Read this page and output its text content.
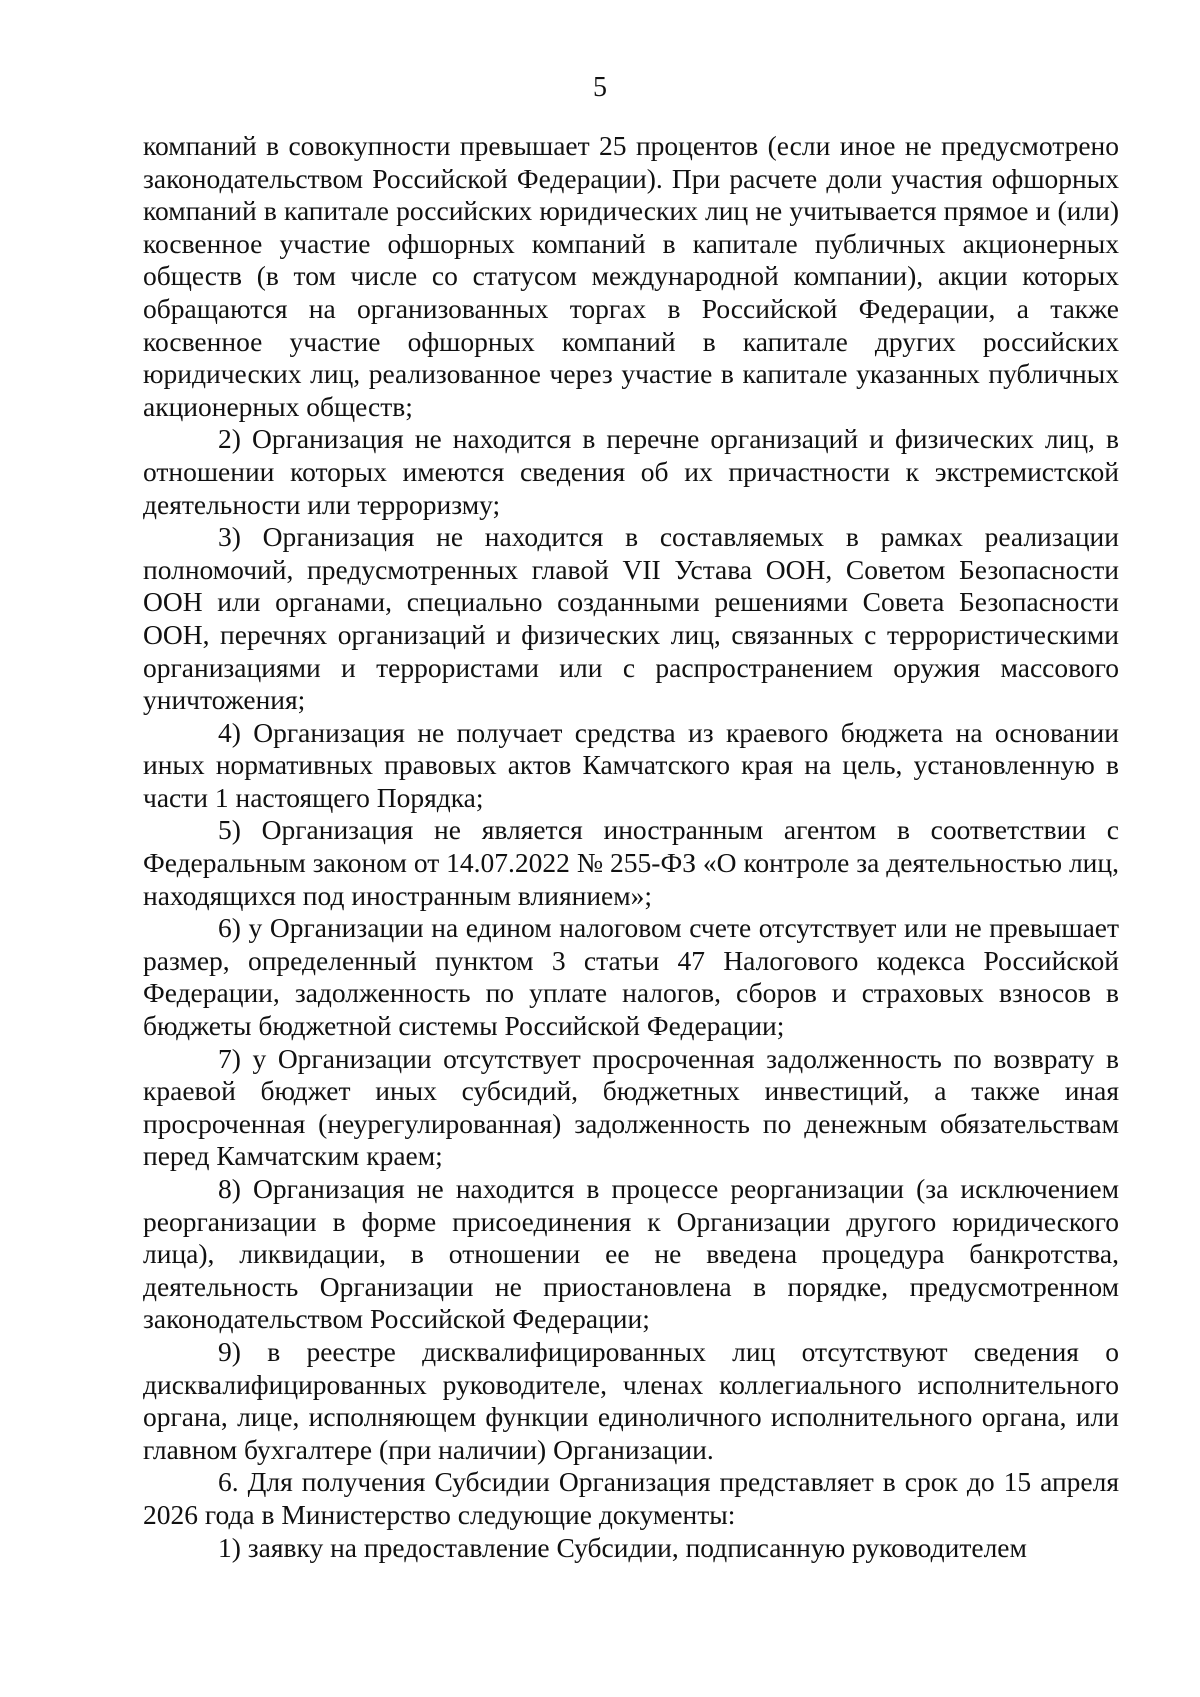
5

компаний в совокупности превышает 25 процентов (если иное не предусмотрено законодательством Российской Федерации). При расчете доли участия офшорных компаний в капитале российских юридических лиц не учитывается прямое и (или) косвенное участие офшорных компаний в капитале публичных акционерных обществ (в том числе со статусом международной компании), акции которых обращаются на организованных торгах в Российской Федерации, а также косвенное участие офшорных компаний в капитале других российских юридических лиц, реализованное через участие в капитале указанных публичных акционерных обществ;

2) Организация не находится в перечне организаций и физических лиц, в отношении которых имеются сведения об их причастности к экстремистской деятельности или терроризму;

3) Организация не находится в составляемых в рамках реализации полномочий, предусмотренных главой VII Устава ООН, Советом Безопасности ООН или органами, специально созданными решениями Совета Безопасности ООН, перечнях организаций и физических лиц, связанных с террористическими организациями и террористами или с распространением оружия массового уничтожения;

4) Организация не получает средства из краевого бюджета на основании иных нормативных правовых актов Камчатского края на цель, установленную в части 1 настоящего Порядка;

5) Организация не является иностранным агентом в соответствии с Федеральным законом от 14.07.2022 № 255-ФЗ «О контроле за деятельностью лиц, находящихся под иностранным влиянием»;

6) у Организации на едином налоговом счете отсутствует или не превышает размер, определенный пунктом 3 статьи 47 Налогового кодекса Российской Федерации, задолженность по уплате налогов, сборов и страховых взносов в бюджеты бюджетной системы Российской Федерации;

7) у Организации отсутствует просроченная задолженность по возврату в краевой бюджет иных субсидий, бюджетных инвестиций, а также иная просроченная (неурегулированная) задолженность по денежным обязательствам перед Камчатским краем;

8) Организация не находится в процессе реорганизации (за исключением реорганизации в форме присоединения к Организации другого юридического лица), ликвидации, в отношении ее не введена процедура банкротства, деятельность Организации не приостановлена в порядке, предусмотренном законодательством Российской Федерации;

9) в реестре дисквалифицированных лиц отсутствуют сведения о дисквалифицированных руководителе, членах коллегиального исполнительного органа, лице, исполняющем функции единоличного исполнительного органа, или главном бухгалтере (при наличии) Организации.

6. Для получения Субсидии Организация представляет в срок до 15 апреля 2026 года в Министерство следующие документы:

1) заявку на предоставление Субсидии, подписанную руководителем
